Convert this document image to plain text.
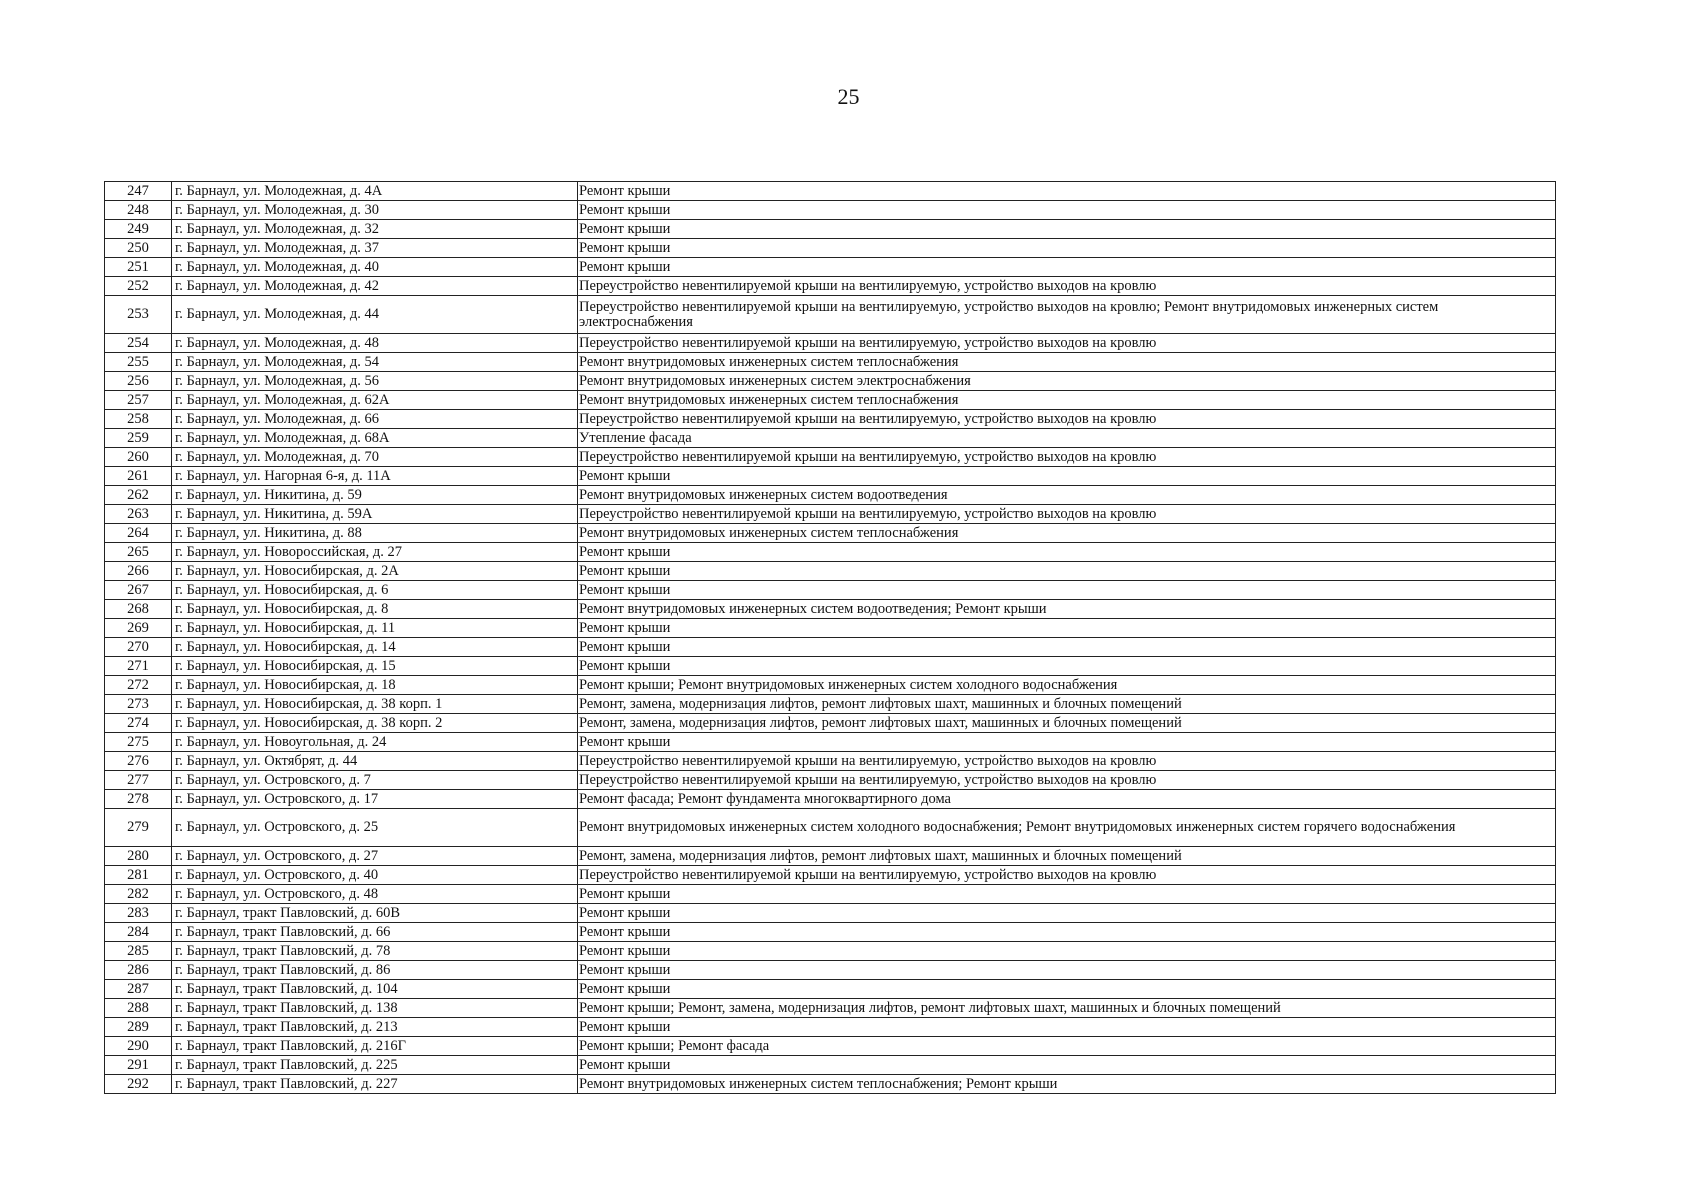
25
247	г. Барнаул, ул. Молодежная, д. 4А	Ремонт крыши
248	г. Барнаул, ул. Молодежная, д. 30	Ремонт крыши
249	г. Барнаул, ул. Молодежная, д. 32	Ремонт крыши
250	г. Барнаул, ул. Молодежная, д. 37	Ремонт крыши
251	г. Барнаул, ул. Молодежная, д. 40	Ремонт крыши
252	г. Барнаул, ул. Молодежная, д. 42	Переустройство невентилируемой крыши на вентилируемую, устройство выходов на кровлю
253	г. Барнаул, ул. Молодежная, д. 44	Переустройство невентилируемой крыши на вентилируемую, устройство выходов на кровлю; Ремонт внутридомовых инженерных систем электроснабжения
254	г. Барнаул, ул. Молодежная, д. 48	Переустройство невентилируемой крыши на вентилируемую, устройство выходов на кровлю
255	г. Барнаул, ул. Молодежная, д. 54	Ремонт внутридомовых инженерных систем теплоснабжения
256	г. Барнаул, ул. Молодежная, д. 56	Ремонт внутридомовых инженерных систем электроснабжения
257	г. Барнаул, ул. Молодежная, д. 62А	Ремонт внутридомовых инженерных систем теплоснабжения
258	г. Барнаул, ул. Молодежная, д. 66	Переустройство невентилируемой крыши на вентилируемую, устройство выходов на кровлю
259	г. Барнаул, ул. Молодежная, д. 68А	Утепление фасада
260	г. Барнаул, ул. Молодежная, д. 70	Переустройство невентилируемой крыши на вентилируемую, устройство выходов на кровлю
261	г. Барнаул, ул. Нагорная 6-я, д. 11А	Ремонт крыши
262	г. Барнаул, ул. Никитина, д. 59	Ремонт внутридомовых инженерных систем водоотведения
263	г. Барнаул, ул. Никитина, д. 59А	Переустройство невентилируемой крыши на вентилируемую, устройство выходов на кровлю
264	г. Барнаул, ул. Никитина, д. 88	Ремонт внутридомовых инженерных систем теплоснабжения
265	г. Барнаул, ул. Новороссийская, д. 27	Ремонт крыши
266	г. Барнаул, ул. Новосибирская, д. 2А	Ремонт крыши
267	г. Барнаул, ул. Новосибирская, д. 6	Ремонт крыши
268	г. Барнаул, ул. Новосибирская, д. 8	Ремонт внутридомовых инженерных систем водоотведения; Ремонт крыши
269	г. Барнаул, ул. Новосибирская, д. 11	Ремонт крыши
270	г. Барнаул, ул. Новосибирская, д. 14	Ремонт крыши
271	г. Барнаул, ул. Новосибирская, д. 15	Ремонт крыши
272	г. Барнаул, ул. Новосибирская, д. 18	Ремонт крыши; Ремонт внутридомовых инженерных систем холодного водоснабжения
273	г. Барнаул, ул. Новосибирская, д. 38 корп. 1	Ремонт, замена, модернизация лифтов, ремонт лифтовых шахт, машинных и блочных помещений
274	г. Барнаул, ул. Новосибирская, д. 38 корп. 2	Ремонт, замена, модернизация лифтов, ремонт лифтовых шахт, машинных и блочных помещений
275	г. Барнаул, ул. Новоугольная, д. 24	Ремонт крыши
276	г. Барнаул, ул. Октябрят, д. 44	Переустройство невентилируемой крыши на вентилируемую, устройство выходов на кровлю
277	г. Барнаул, ул. Островского, д. 7	Переустройство невентилируемой крыши на вентилируемую, устройство выходов на кровлю
278	г. Барнаул, ул. Островского, д. 17	Ремонт фасада; Ремонт фундамента многоквартирного дома
279	г. Барнаул, ул. Островского, д. 25	Ремонт внутридомовых инженерных систем холодного водоснабжения; Ремонт внутридомовых инженерных систем горячего водоснабжения
280	г. Барнаул, ул. Островского, д. 27	Ремонт, замена, модернизация лифтов, ремонт лифтовых шахт, машинных и блочных помещений
281	г. Барнаул, ул. Островского, д. 40	Переустройство невентилируемой крыши на вентилируемую, устройство выходов на кровлю
282	г. Барнаул, ул. Островского, д. 48	Ремонт крыши
283	г. Барнаул, тракт Павловский, д. 60В	Ремонт крыши
284	г. Барнаул, тракт Павловский, д. 66	Ремонт крыши
285	г. Барнаул, тракт Павловский, д. 78	Ремонт крыши
286	г. Барнаул, тракт Павловский, д. 86	Ремонт крыши
287	г. Барнаул, тракт Павловский, д. 104	Ремонт крыши
288	г. Барнаул, тракт Павловский, д. 138	Ремонт крыши; Ремонт, замена, модернизация лифтов, ремонт лифтовых шахт, машинных и блочных помещений
289	г. Барнаул, тракт Павловский, д. 213	Ремонт крыши
290	г. Барнаул, тракт Павловский, д. 216Г	Ремонт крыши; Ремонт фасада
291	г. Барнаул, тракт Павловский, д. 225	Ремонт крыши
292	г. Барнаул, тракт Павловский, д. 227	Ремонт внутридомовых инженерных систем теплоснабжения; Ремонт крыши
